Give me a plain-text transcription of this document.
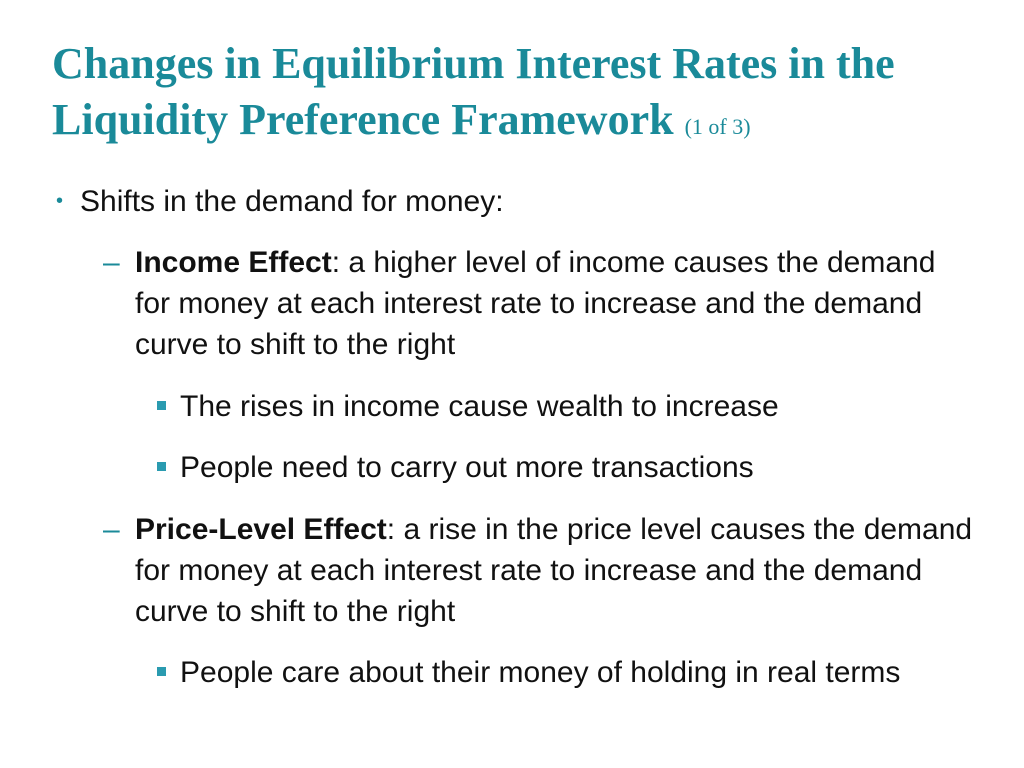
Changes in Equilibrium Interest Rates in the Liquidity Preference Framework (1 of 3)
• Shifts in the demand for money:
– Income Effect: a higher level of income causes the demand for money at each interest rate to increase and the demand curve to shift to the right
The rises in income cause wealth to increase
People need to carry out more transactions
– Price-Level Effect: a rise in the price level causes the demand for money at each interest rate to increase and the demand curve to shift to the right
People care about their money of holding in real terms
